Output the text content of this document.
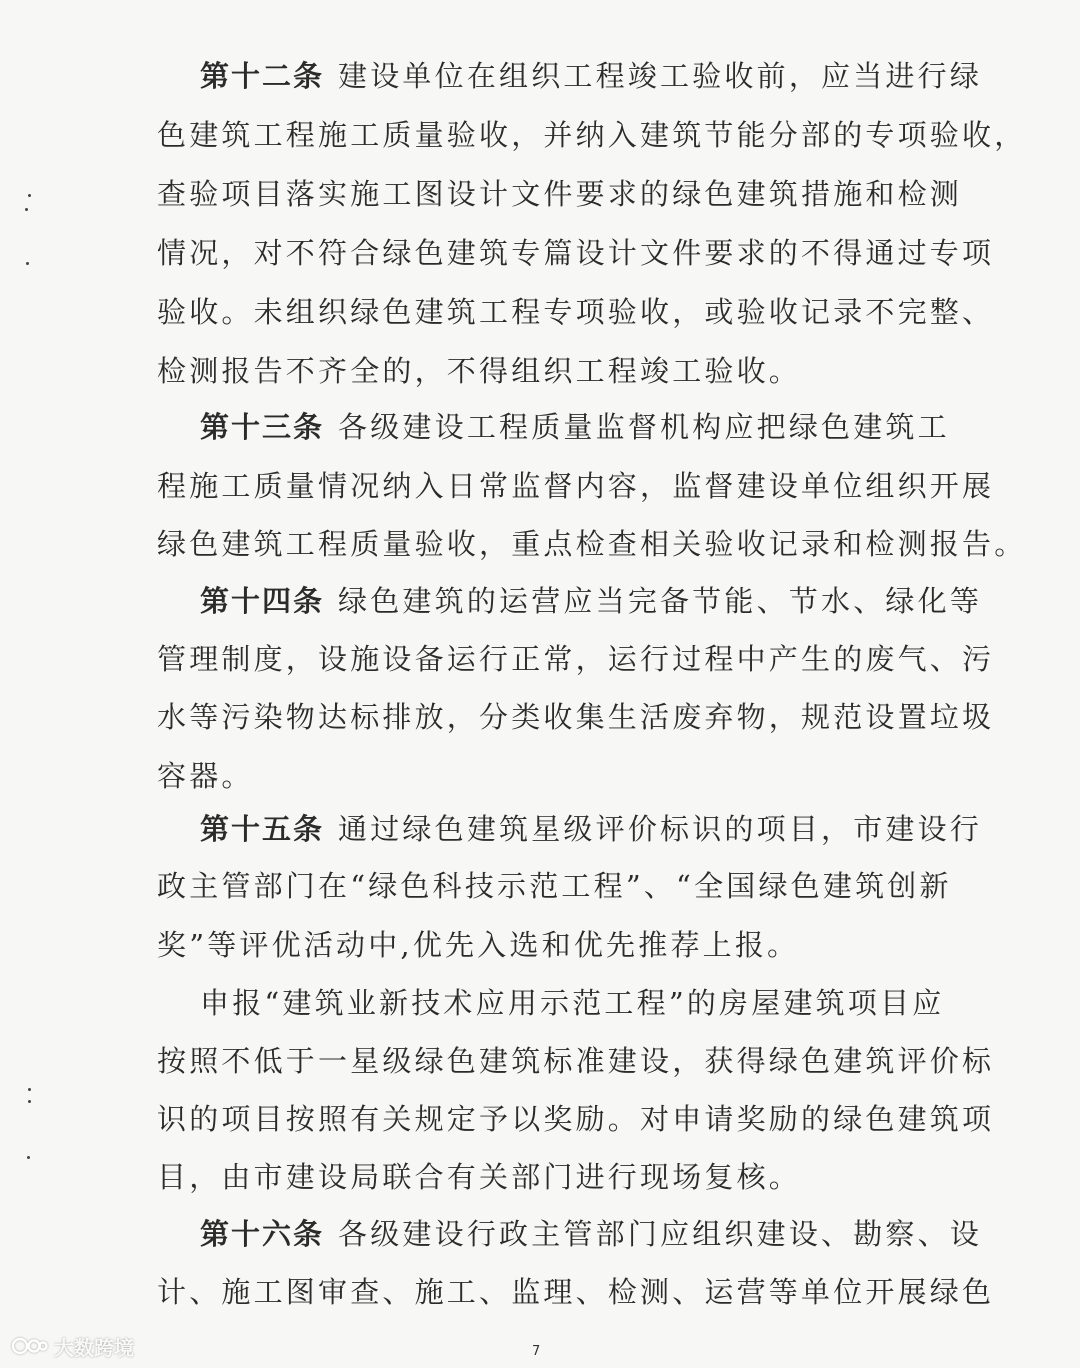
第十二条 建设单位在组织工程竣工验收前，应当进行绿
色建筑工程施工质量验收，并纳入建筑节能分部的专项验收，
查验项目落实施工图设计文件要求的绿色建筑措施和检测
情况，对不符合绿色建筑专篇设计文件要求的不得通过专项
验收。未组织绿色建筑工程专项验收，或验收记录不完整、
检测报告不齐全的，不得组织工程竣工验收。
第十三条 各级建设工程质量监督机构应把绿色建筑工
程施工质量情况纳入日常监督内容，监督建设单位组织开展
绿色建筑工程质量验收，重点检查相关验收记录和检测报告。
第十四条 绿色建筑的运营应当完备节能、节水、绿化等
管理制度，设施设备运行正常，运行过程中产生的废气、污
水等污染物达标排放，分类收集生活废弃物，规范设置垃圾
容器。
第十五条 通过绿色建筑星级评价标识的项目，市建设行
政主管部门在“绿色科技示范工程”、“全国绿色建筑创新
奖”等评优活动中,优先入选和优先推荐上报。
申报“建筑业新技术应用示范工程”的房屋建筑项目应
按照不低于一星级绿色建筑标准建设，获得绿色建筑评价标
识的项目按照有关规定予以奖励。对申请奖励的绿色建筑项
目，由市建设局联合有关部门进行现场复核。
第十六条 各级建设行政主管部门应组织建设、勘察、设
计、施工图审查、施工、监理、检测、运营等单位开展绿色
7
大数跨境
